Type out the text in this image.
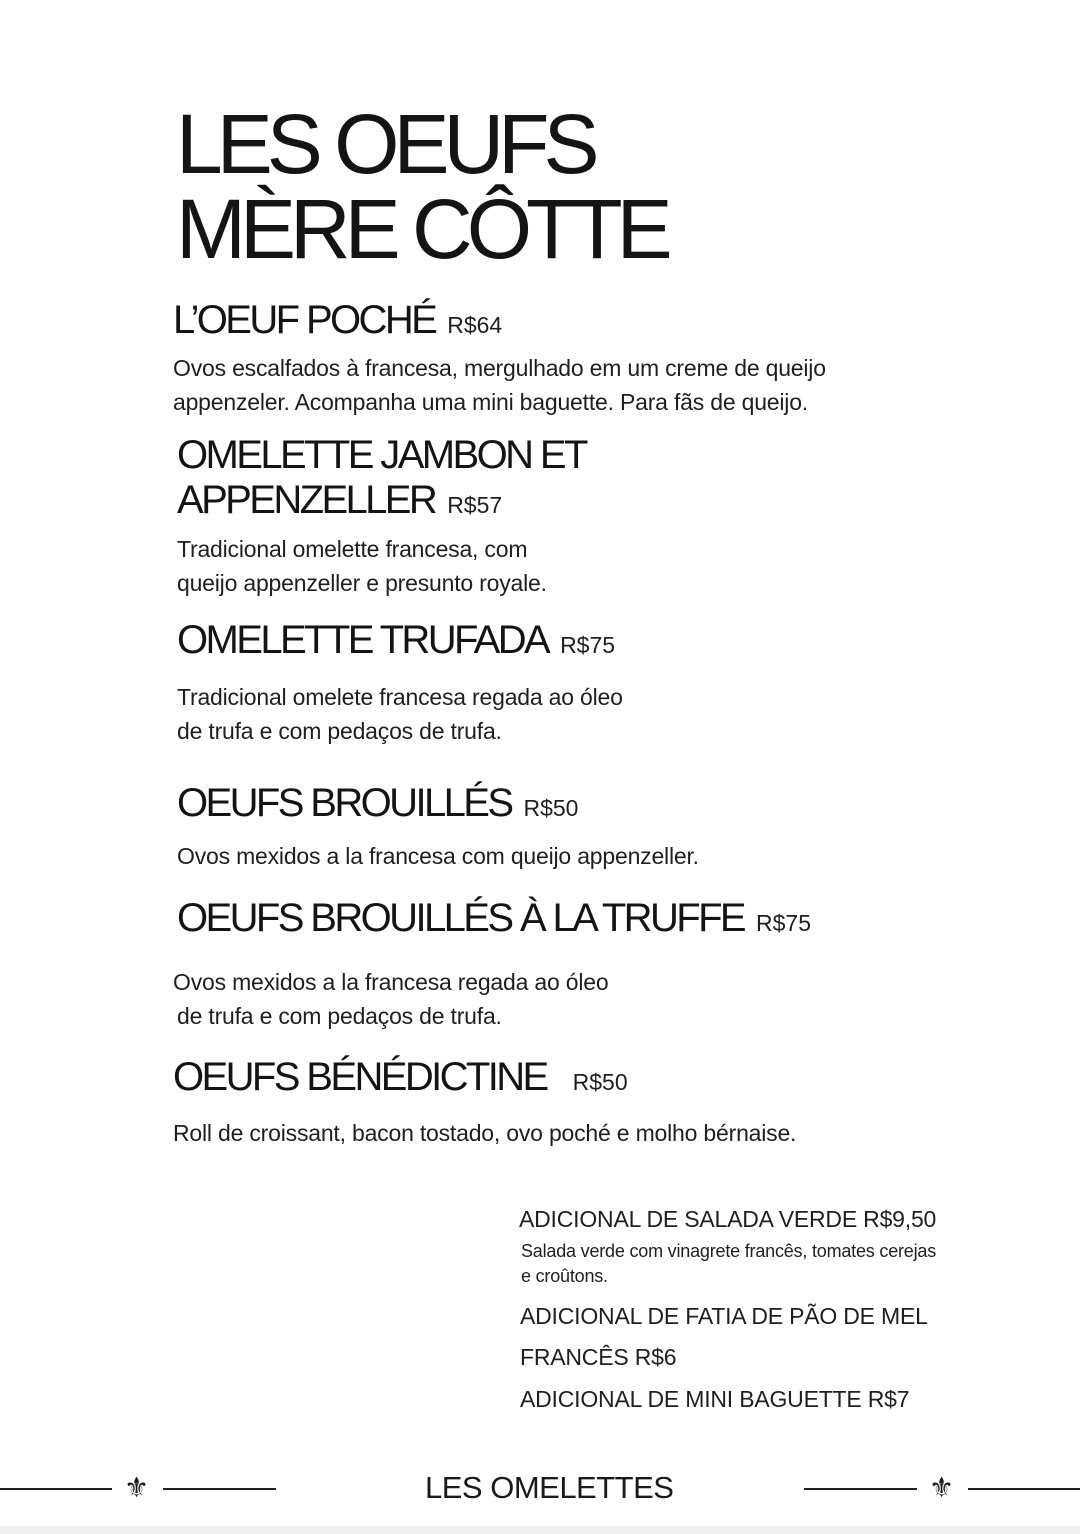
LES OEUFS
MÈRE CÔTTE
L’OEUF POCHÉ R$64
Ovos escalfados à francesa, mergulhado em um creme de queijo
appenzeler. Acompanha uma mini baguette. Para fãs de queijo.
OMELETTE JAMBON ET
APPENZELLER R$57
Tradicional omelette francesa, com
queijo appenzeller e presunto royale.
OMELETTE TRUFADA R$75
Tradicional omelete francesa regada ao óleo
de trufa e com pedaços de trufa.
OEUFS BROUILLÉS R$50
Ovos mexidos a la francesa com queijo appenzeller.
OEUFS BROUILLÉS À LA TRUFFE R$75
Ovos mexidos a la francesa regada ao óleo
de trufa e com pedaços de trufa.
OEUFS BÉNÉDICTINE R$50
Roll de croissant, bacon tostado, ovo poché e molho bérnaise.
ADICIONAL DE SALADA VERDE R$9,50
Salada verde com vinagrete francês, tomates cerejas
e croûtons.
ADICIONAL DE FATIA DE PÃO DE MEL
FRANCÊS R$6
ADICIONAL DE MINI BAGUETTE R$7
⚜	LES OMELETTES	⚜
